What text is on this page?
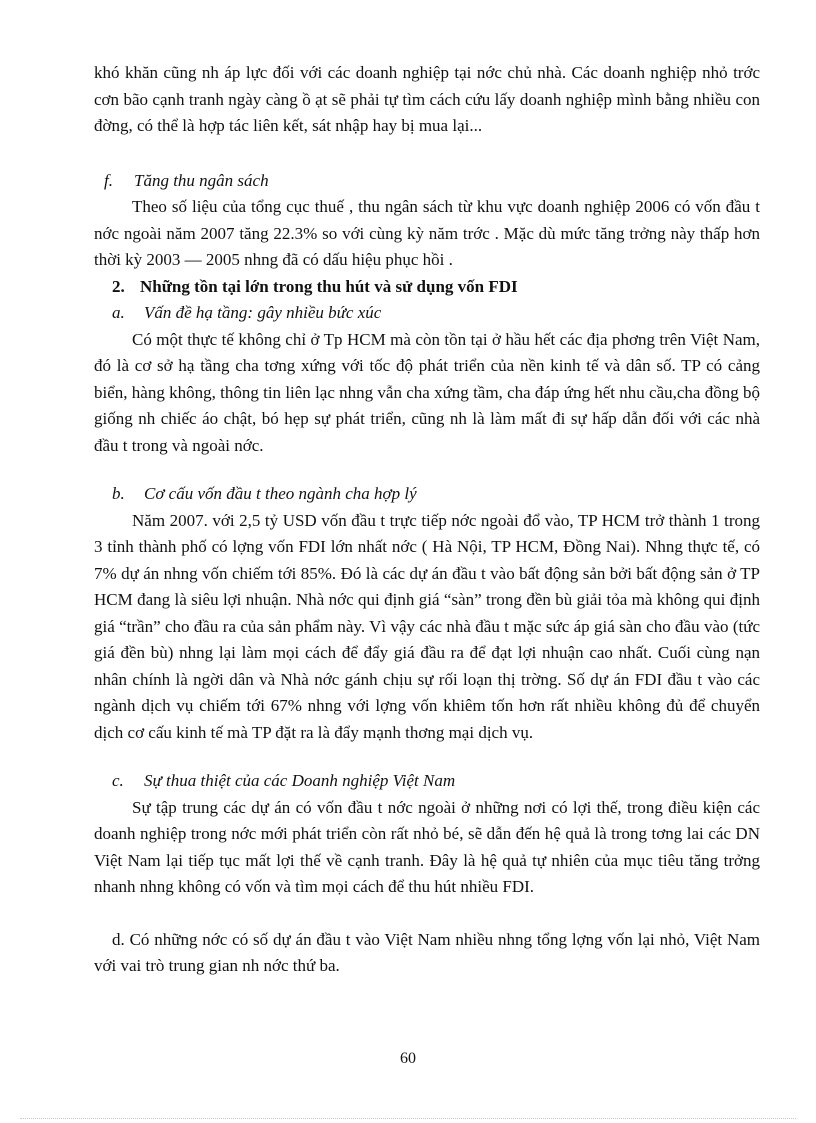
khó khăn cũng nh áp lực đối với các doanh nghiệp tại nớc chủ nhà. Các doanh nghiệp nhỏ trớc cơn bão cạnh tranh ngày càng ồ ạt sẽ phải tự tìm cách cứu lấy doanh nghiệp mình bằng nhiều con đờng, có thể là hợp tác liên kết, sát nhập hay bị mua lại...

f. Tăng thu ngân sách

Theo số liệu của tổng cục thuế , thu ngân sách từ khu vực doanh nghiệp 2006 có vốn đầu t nớc ngoài năm 2007 tăng 22.3% so với cùng kỳ năm trớc . Mặc dù mức tăng trởng này thấp hơn thời kỳ 2003 — 2005 nhng đã có dấu hiệu phục hồi .

2. Những tồn tại lớn trong thu hút và sử dụng vốn FDI

a. Vấn đề hạ tầng: gây nhiều bức xúc

Có một thực tế không chỉ ở Tp HCM mà còn tồn tại ở hầu hết các địa phơng trên Việt Nam, đó là cơ sở hạ tầng cha tơng xứng với tốc độ phát triển của nền kinh tế và dân số. TP có cảng biển, hàng không, thông tin liên lạc nhng vẫn cha xứng tầm, cha đáp ứng hết nhu cầu,cha đồng bộ giống nh chiếc áo chật, bó hẹp sự phát triển, cũng nh là làm mất đi sự hấp dẫn đối với các nhà đầu t trong và ngoài nớc.

b. Cơ cấu vốn đầu t theo ngành cha hợp lý

Năm 2007. với 2,5 tỷ USD vốn đầu t trực tiếp nớc ngoài đổ vào, TP HCM trở thành 1 trong 3 tỉnh thành phố có lợng vốn FDI lớn nhất nớc ( Hà Nội, TP HCM, Đồng Nai). Nhng thực tế, có 7% dự án nhng vốn chiếm tới 85%. Đó là các dự án đầu t vào bất động sản bởi bất động sản ở TP HCM đang là siêu lợi nhuận. Nhà nớc qui định giá “sàn” trong đền bù giải tỏa mà không qui định giá “trần” cho đầu ra của sản phẩm này. Vì vậy các nhà đầu t mặc sức áp giá sàn cho đầu vào (tức giá đền bù) nhng lại làm mọi cách để đẩy giá đầu ra để đạt lợi nhuận cao nhất. Cuối cùng nạn nhân chính là ngời dân và Nhà nớc gánh chịu sự rối loạn thị trờng. Số dự án FDI đầu t vào các ngành dịch vụ chiếm tới 67% nhng với lợng vốn khiêm tốn hơn rất nhiều không đủ để chuyển dịch cơ cấu kinh tế mà TP đặt ra là đẩy mạnh thơng mại dịch vụ.

c. Sự thua thiệt của các Doanh nghiệp Việt Nam

Sự tập trung các dự án có vốn đầu t nớc ngoài ở những nơi có lợi thế, trong điều kiện các doanh nghiệp trong nớc mới phát triển còn rất nhỏ bé, sẽ dẫn đến hệ quả là trong tơng lai các DN Việt Nam lại tiếp tục mất lợi thế về cạnh tranh. Đây là hệ quả tự nhiên của mục tiêu tăng trởng nhanh nhng không có vốn và tìm mọi cách để thu hút nhiều FDI.

d. Có những nớc có số dự án đầu t vào Việt Nam nhiều nhng tổng lợng vốn lại nhỏ, Việt Nam với vai trò trung gian nh nớc thứ ba.

60
